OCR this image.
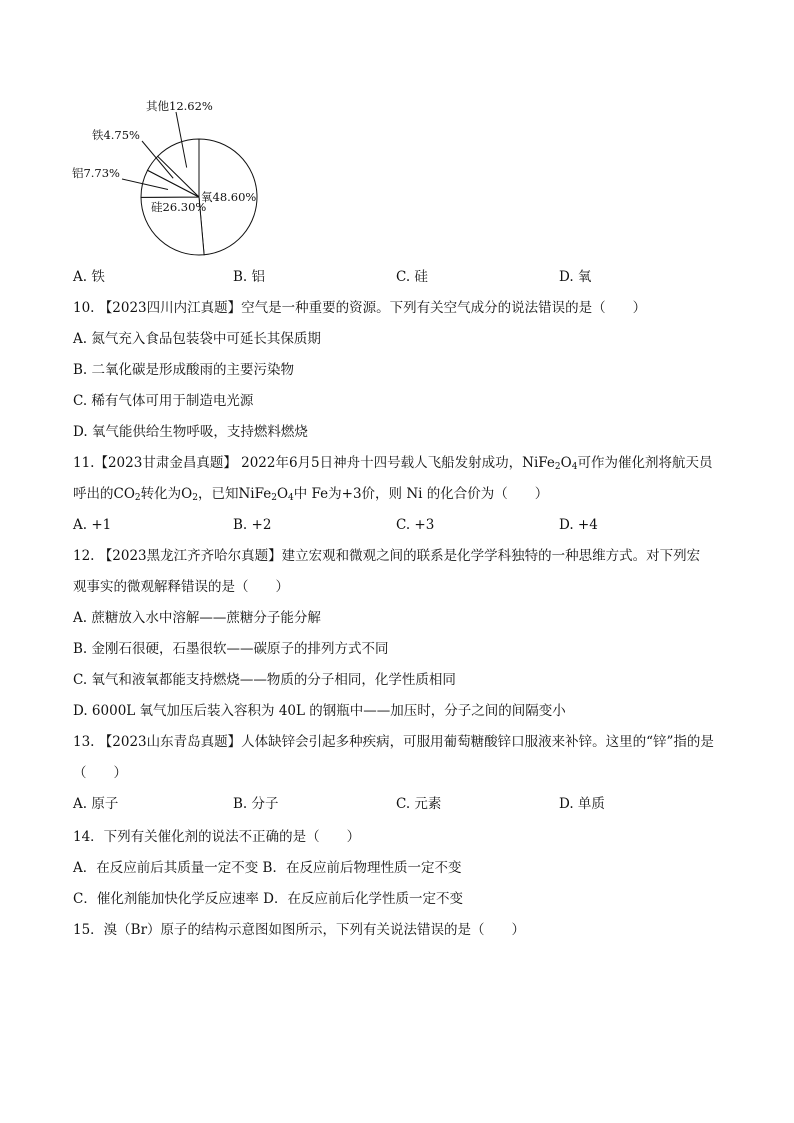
氧48.60%
硅26.30%
铝7.73%
铁4.75%
其他12.62%
A. 铁	B. 铝	C. 硅	D. 氧
10. 【2023四川内江真题】空气是一种重要的资源。下列有关空气成分的说法错误的是（　　）
A. 氮气充入食品包装袋中可延长其保质期
B. 二氧化碳是形成酸雨的主要污染物
C. 稀有气体可用于制造电光源
D. 氧气能供给生物呼吸，支持燃料燃烧
11.【2023甘肃金昌真题】 2022年6月5日神舟十四号载人飞船发射成功，$NiFe_2O_4$可作为催化剂将航天员
呼出的$CO_2$转化为$O_2$，已知$NiFe_2O_4$中 Fe为+3价，则 Ni 的化合价为（　　）
A. +1	B. +2	C. +3	D. +4
12. 【2023黑龙江齐齐哈尔真题】建立宏观和微观之间的联系是化学学科独特的一种思维方式。对下列宏
观事实的微观解释错误的是（　　）
A. 蔗糖放入水中溶解——蔗糖分子能分解
B. 金刚石很硬，石墨很软——碳原子的排列方式不同
C. 氧气和液氧都能支持燃烧——物质的分子相同，化学性质相同
D. 6000L 氧气加压后装入容积为 40L 的钢瓶中——加压时，分子之间的间隔变小
13. 【2023山东青岛真题】人体缺锌会引起多种疾病，可服用葡萄糖酸锌口服液来补锌。这里的“锌”指的是
（　　）
A. 原子	B. 分子	C. 元素	D. 单质
14．下列有关催化剂的说法不正确的是（　　）
A．在反应前后其质量一定不变 B．在反应前后物理性质一定不变
C．催化剂能加快化学反应速率 D．在反应前后化学性质一定不变
15．溴（Br）原子的结构示意图如图所示，下列有关说法错误的是（　　）
